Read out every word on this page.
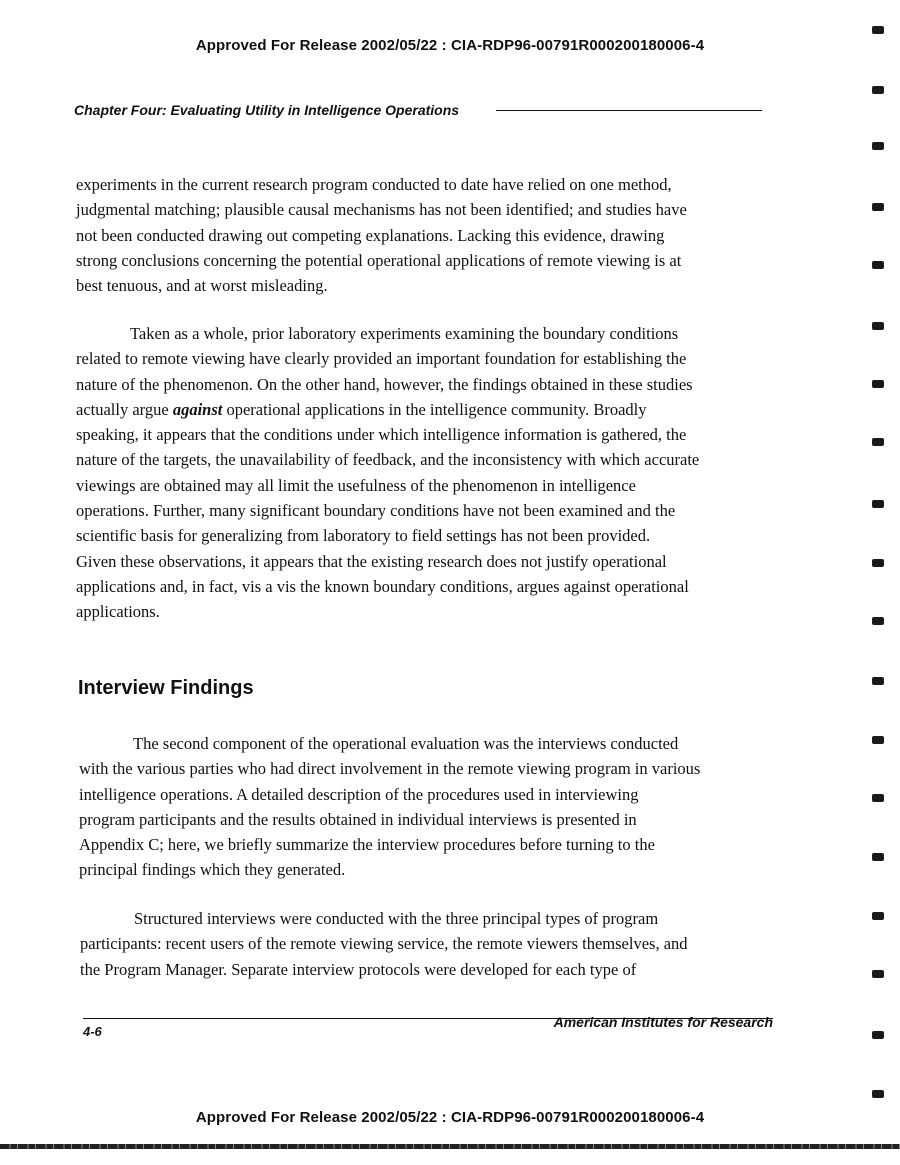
Approved For Release 2002/05/22 : CIA-RDP96-00791R000200180006-4
Chapter Four: Evaluating Utility in Intelligence Operations
experiments in the current research program conducted to date have relied on one method,
judgmental matching; plausible causal mechanisms has not been identified; and studies have
not been conducted drawing out competing explanations. Lacking this evidence, drawing
strong conclusions concerning the potential operational applications of remote viewing is at
best tenuous, and at worst misleading.
Taken as a whole, prior laboratory experiments examining the boundary conditions
related to remote viewing have clearly provided an important foundation for establishing the
nature of the phenomenon. On the other hand, however, the findings obtained in these studies
actually argue against operational applications in the intelligence community. Broadly
speaking, it appears that the conditions under which intelligence information is gathered, the
nature of the targets, the unavailability of feedback, and the inconsistency with which accurate
viewings are obtained may all limit the usefulness of the phenomenon in intelligence
operations. Further, many significant boundary conditions have not been examined and the
scientific basis for generalizing from laboratory to field settings has not been provided.
Given these observations, it appears that the existing research does not justify operational
applications and, in fact, vis a vis the known boundary conditions, argues against operational
applications.
Interview Findings
The second component of the operational evaluation was the interviews conducted
with the various parties who had direct involvement in the remote viewing program in various
intelligence operations. A detailed description of the procedures used in interviewing
program participants and the results obtained in individual interviews is presented in
Appendix C; here, we briefly summarize the interview procedures before turning to the
principal findings which they generated.
Structured interviews were conducted with the three principal types of program
participants: recent users of the remote viewing service, the remote viewers themselves, and
the Program Manager. Separate interview protocols were developed for each type of
4-6
American Institutes for Research
Approved For Release 2002/05/22 : CIA-RDP96-00791R000200180006-4
